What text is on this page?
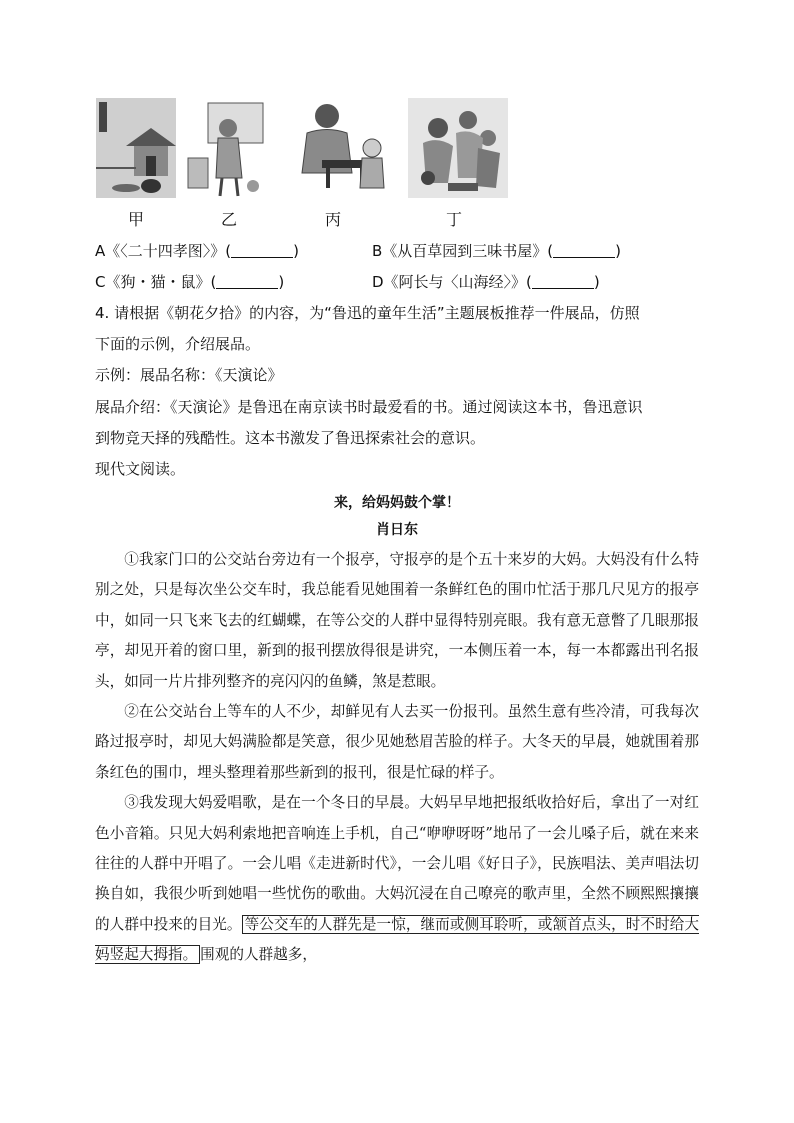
甲	乙	丙	丁
A《〈二十四孝图〉》(	)	B《从百草园到三味书屋》(	)
C《狗・猫・鼠》(	)	D《阿长与〈山海经〉》(	)
4. 请根据《朝花夕拾》的内容，为“鲁迅的童年生活”主题展板推荐一件展品，仿照
下面的示例，介绍展品。
示例：展品名称：《天演论》
展品介绍：《天演论》是鲁迅在南京读书时最爱看的书。通过阅读这本书，鲁迅意识
到物竞天择的残酷性。这本书激发了鲁迅探索社会的意识。
现代文阅读。
来，给妈妈鼓个掌！
肖日东

①我家门口的公交站台旁边有一个报亭，守报亭的是个五十来岁的大妈。大妈没有什么特别之处，只是每次坐公交车时，我总能看见她围着一条鲜红色的围巾忙活于那几尺见方的报亭中，如同一只飞来飞去的红蝴蝶，在等公交的人群中显得特别亮眼。我有意无意瞥了几眼那报亭，却见开着的窗口里，新到的报刊摆放得很是讲究，一本侧压着一本，每一本都露出刊名报头，如同一片片排列整齐的亮闪闪的鱼鳞，煞是惹眼。

②在公交站台上等车的人不少，却鲜见有人去买一份报刊。虽然生意有些冷清，可我每次路过报亭时，却见大妈满脸都是笑意，很少见她愁眉苦脸的样子。大冬天的早晨，她就围着那条红色的围巾，埋头整理着那些新到的报刊，很是忙碌的样子。

③我发现大妈爱唱歌，是在一个冬日的早晨。大妈早早地把报纸收拾好后，拿出了一对红色小音箱。只见大妈利索地把音响连上手机，自己“咿咿呀呀”地吊了一会儿嗓子后，就在来来往往的人群中开唱了。一会儿唱《走进新时代》，一会儿唱《好日子》，民族唱法、美声唱法切换自如，我很少听到她唱一些忧伤的歌曲。大妈沉浸在自己嘹亮的歌声里，全然不顾熙熙攘攘的人群中投来的目光。 等公交车的人群先是一惊，继而或侧耳聆听，或颔首点头，时不时给大妈竖起大拇指。 围观的人群越多，
